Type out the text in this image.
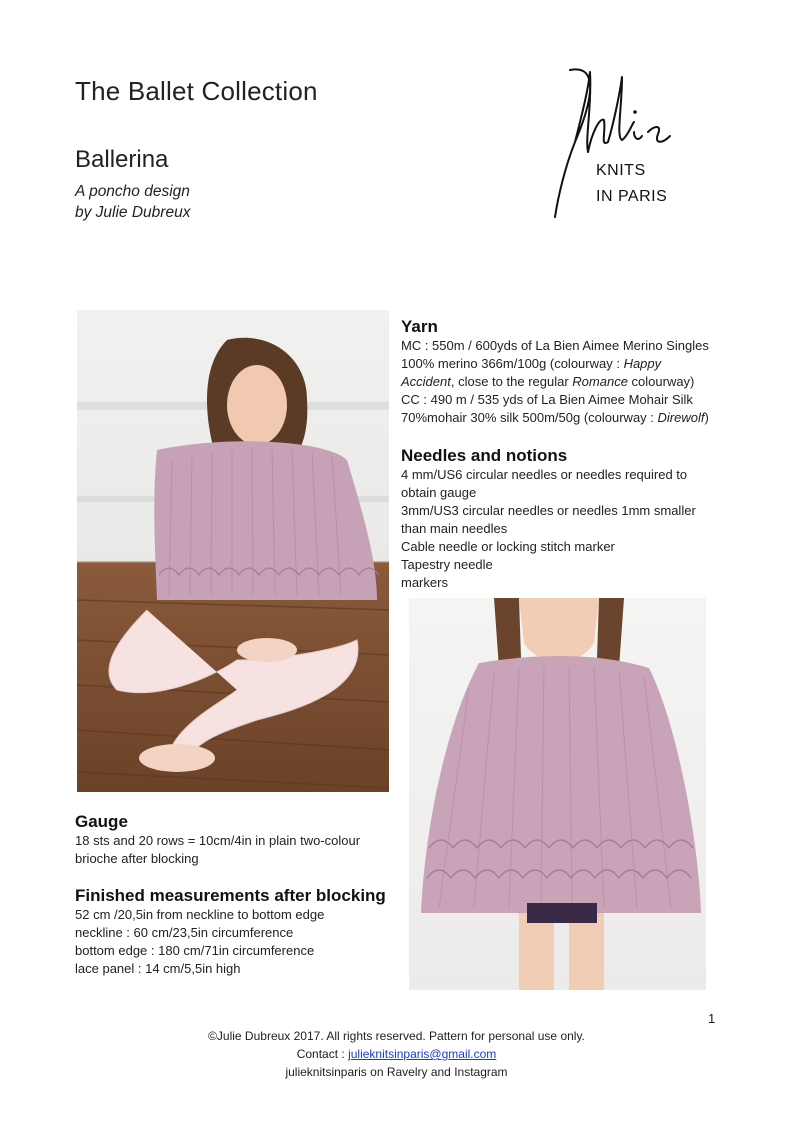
The Ballet Collection
Ballerina
A poncho design
by Julie Dubreux
KNITS
IN PARIS
Yarn
MC : 550m / 600yds of La Bien Aimee Merino Singles
100% merino 366m/100g (colourway : Happy
Accident, close to the regular Romance colourway)
CC : 490 m / 535 yds of La Bien Aimee Mohair Silk
70%mohair 30% silk 500m/50g (colourway : Direwolf)
Needles and notions
4 mm/US6 circular needles or needles required to
obtain gauge
3mm/US3 circular needles or needles 1mm smaller
than main needles
Cable needle or locking stitch marker
Tapestry needle
markers
Gauge
18 sts and 20 rows = 10cm/4in in plain two-colour
brioche after blocking
Finished measurements after blocking
52 cm /20,5in from neckline to bottom edge
neckline : 60 cm/23,5in circumference
bottom edge : 180 cm/71in circumference
lace panel : 14 cm/5,5in high
1
©Julie Dubreux 2017. All rights reserved. Pattern for personal use only.
Contact : julieknitsinparis@gmail.com
julieknitsinparis on Ravelry and Instagram
